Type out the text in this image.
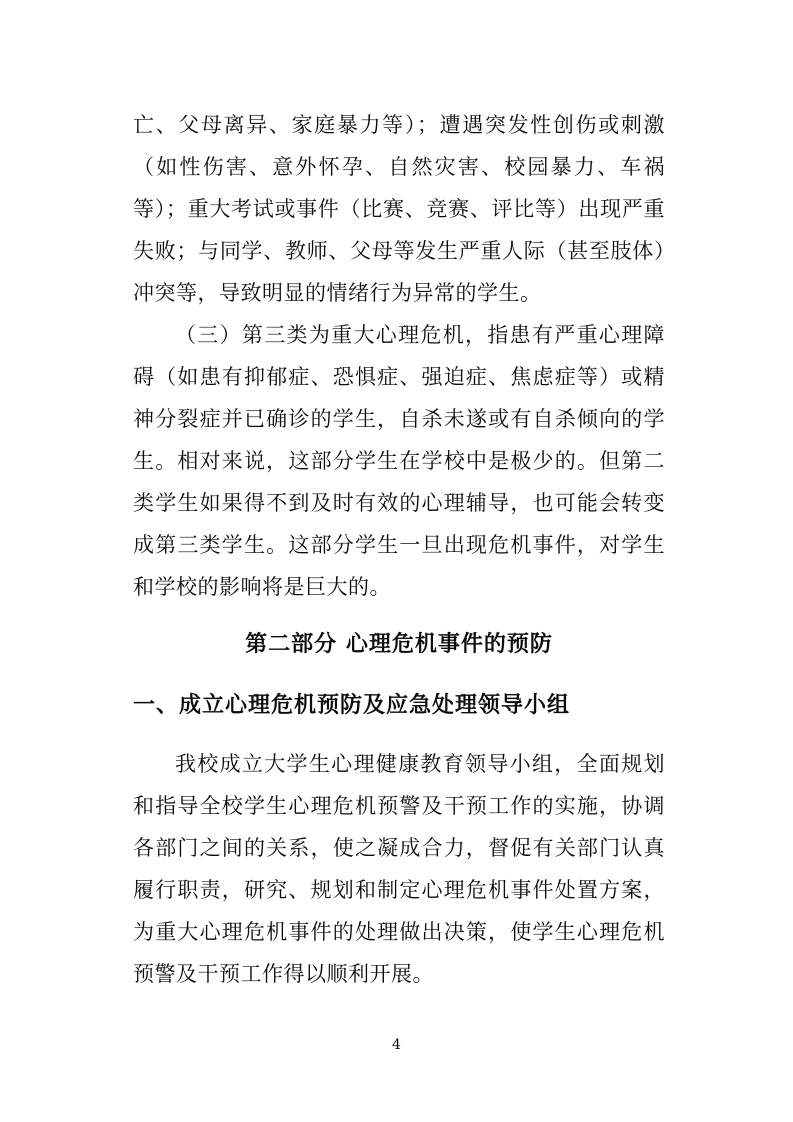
亡、父母离异、家庭暴力等）；遭遇突发性创伤或刺激（如性伤害、意外怀孕、自然灾害、校园暴力、车祸等）；重大考试或事件（比赛、竞赛、评比等）出现严重失败；与同学、教师、父母等发生严重人际（甚至肢体）冲突等，导致明显的情绪行为异常的学生。

（三）第三类为重大心理危机，指患有严重心理障碍（如患有抑郁症、恐惧症、强迫症、焦虑症等）或精神分裂症并已确诊的学生，自杀未遂或有自杀倾向的学生。相对来说，这部分学生在学校中是极少的。但第二类学生如果得不到及时有效的心理辅导，也可能会转变成第三类学生。这部分学生一旦出现危机事件，对学生和学校的影响将是巨大的。

第二部分 心理危机事件的预防
一、成立心理危机预防及应急处理领导小组

我校成立大学生心理健康教育领导小组，全面规划和指导全校学生心理危机预警及干预工作的实施，协调各部门之间的关系，使之凝成合力，督促有关部门认真履行职责，研究、规划和制定心理危机事件处置方案，为重大心理危机事件的处理做出决策，使学生心理危机预警及干预工作得以顺利开展。

4
